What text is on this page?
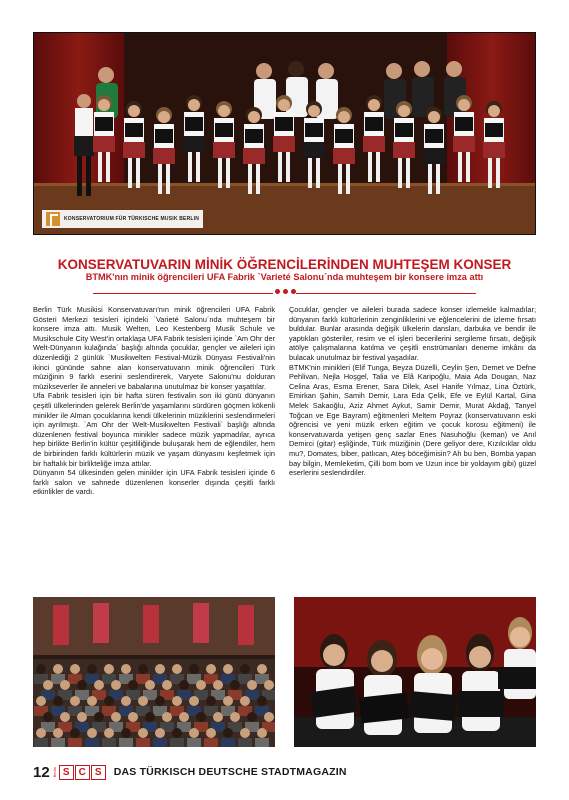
KONSERVATORIUM FÜR TÜRKISCHE MUSIK BERLIN
KONSERVATUVARIN MİNİK ÖĞRENCİLERİNDEN MUHTEŞEM KONSER
BTMK'nın minik öğrencileri UFA Fabrik `Varieté Salonu´nda muhteşem bir konsere imza attı

Berlin Türk Musikisi Konservatuvarı'nın minik öğrencileri UFA Fabrik Gösteri Merkezi tesisleri içindeki `Varieté Salonu´nda muhteşem bir konsere imza attı. Musik Welten, Leo Kestenberg Musik Schule ve Musikschule City West'in ortaklaşa UFA Fabrik tesisleri içinde `Am Ohr der Welt-Dünyanın kulağında´ başlığı altında çocuklar, gençler ve aileleri için düzenlediği 2 günlük `Musikwelten Festival-Müzik Dünyası Festivali'nin ikinci gününde sahne alan konservatuvarın minik öğrencileri Türk müziğinin 9 farklı eserini seslendirerek, Varyete Salonu'nu dolduran müzikseverler ile anneleri ve babalarına unutulmaz bir konser yaşattılar.

Ufa Fabrik tesisleri için bir hafta süren festivalin son iki günü dünyanın çeşitli ülkelerinden gelerek Berlin'de yaşamlarını sürdüren göçmen kökenli minikler ile Alman çocuklarına kendi ülkelerinin müziklerini seslendirmeleri için ayrılmıştı. `Am Ohr der Welt-Musikwelten Festivali´ başlığı altında düzenlenen festival boyunca minikler sadece müzik yapmadılar, ayrıca hep birlikte Berlin'in kültür çeşitliliğinde buluşarak hem de eğlendiler, hem de birbirinden farklı kültürlerin müzik ve yaşam dünyasını keşfetmek için bir haftalık bir birlikteliğe imza attılar.

Dünyanın 54 ülkesinden gelen minikler için UFA Fabrik tesisleri içinde 6 farklı salon ve sahnede düzenlenen konserler dışında çeşitli farklı etkinlikler de vardı.

Çocuklar, gençler ve aileleri burada sadece konser izlemekle kalmadılar; dünyanın farklı kültürlerinin zenginliklerini ve eğlencelerini de izleme fırsatı buldular. Bunlar arasında değişik ülkelerin dansları, darbuka ve bendir ile yaptıkları gösteriler, resim ve el işleri becerilerini sergileme fırsatı, değişik atölye çalışmalarına katılma ve çeşitli enstrümanları deneme imkânı da bulacak unutulmaz bir festival yaşadılar.

BTMK'nin minikleri (Elif Tunga, Beyza Düzelli, Ceylin Şen, Demet ve Defne Pehlivan, Nejla Hoşgel, Talia ve Elâ Karipoğlu, Maia Ada Dougan, Naz Celina Aras, Esma Erener, Sara Dilek, Asel Hanife Yılmaz, Lina Öztürk, Emirkan Şahin, Samih Demir, Lara Eda Çelik, Efe ve Eylül Kartal, Gina Melek Sakaoğlu, Aziz Ahmet Aykut, Samir Demir, Murat Akdağ, Tanyel Toğcan ve Ege Bayram) eğitmenleri Meltem Poyraz (konservatuvarın eski öğrencisi ve yeni müzik erken eğitim ve çocuk korosu eğitmeni) ile konservatuvarda yetişen genç sazlar Enes Nasuhoğlu (keman) ve Anıl Demirci (gitar) eşliğinde, Türk müziğinin (Dere geliyor dere, Kızılcıklar oldu mu?, Domates, biber, patlıcan, Ateş böceğimisin? Ah bu ben, Bomba yapan bay bilgin, Memleketim, Çilli bom bom ve Uzun ince bir yoldayım gibi) güzel eserlerini seslendirdiler.

12 Berlin S C S	DAS TÜRKISCH DEUTSCHE STADTMAGAZIN
